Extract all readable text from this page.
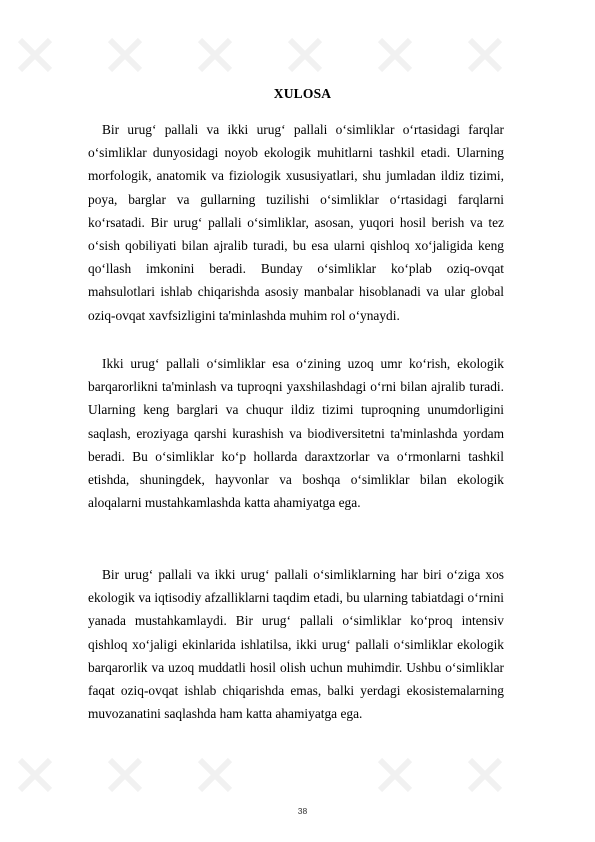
XULOSA

Bir urug‘ pallali va ikki urug‘ pallali o‘simliklar o‘rtasidagi farqlar o‘simliklar dunyosidagi noyob ekologik muhitlarni tashkil etadi. Ularning morfologik, anatomik va fiziologik xususiyatlari, shu jumladan ildiz tizimi, poya, barglar va gullarning tuzilishi o‘simliklar o‘rtasidagi farqlarni ko‘rsatadi. Bir urug‘ pallali o‘simliklar, asosan, yuqori hosil berish va tez o‘sish qobiliyati bilan ajralib turadi, bu esa ularni qishloq xo‘jaligida keng qo‘llash imkonini beradi. Bunday o‘simliklar ko‘plab oziq-ovqat mahsulotlari ishlab chiqarishda asosiy manbalar hisoblanadi va ular global oziq-ovqat xavfsizligini ta'minlashda muhim rol o‘ynaydi.

Ikki urug‘ pallali o‘simliklar esa o‘zining uzoq umr ko‘rish, ekologik barqarorlikni ta'minlash va tuproqni yaxshilashdagi o‘rni bilan ajralib turadi. Ularning keng barglari va chuqur ildiz tizimi tuproqning unumdorligini saqlash, eroziyaga qarshi kurashish va biodiversitetni ta'minlashda yordam beradi. Bu o‘simliklar ko‘p hollarda daraxtzorlar va o‘rmonlarni tashkil etishda, shuningdek, hayvonlar va boshqa o‘simliklar bilan ekologik aloqalarni mustahkamlashda katta ahamiyatga ega.

Bir urug‘ pallali va ikki urug‘ pallali o‘simliklarning har biri o‘ziga xos ekologik va iqtisodiy afzalliklarni taqdim etadi, bu ularning tabiatdagi o‘rnini yanada mustahkamlaydi. Bir urug‘ pallali o‘simliklar ko‘proq intensiv qishloq xo‘jaligi ekinlarida ishlatilsa, ikki urug‘ pallali o‘simliklar ekologik barqarorlik va uzoq muddatli hosil olish uchun muhimdir. Ushbu o‘simliklar faqat oziq-ovqat ishlab chiqarishda emas, balki yerdagi ekosistemalarning muvozanatini saqlashda ham katta ahamiyatga ega.

38
